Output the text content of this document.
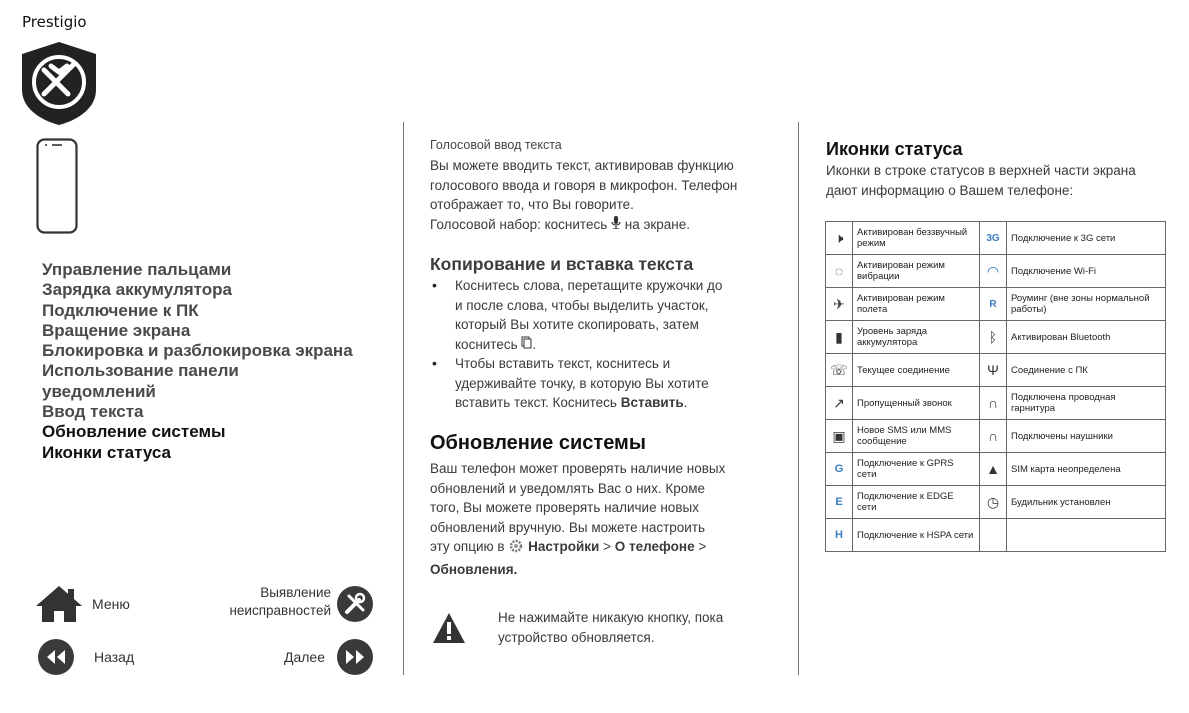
Prestigio
Управление пальцами
Зарядка аккумулятора
Подключение к ПК
Вращение экрана
Блокировка и разблокировка экрана
Использование панели
уведомлений
Ввод текста
Обновление системы
Иконки статуса
Меню
Назад
Выявление
неисправностей
Далее
Голосовой ввод текста
Вы можете вводить текст, активировав функцию
голосового ввода и говоря в микрофон. Телефон
отображает то, что Вы говорите.
Голосовой набор: коснитесь на экране.
Копирование и вставка текста
• Коснитесь слова, перетащите кружочки до
и после слова, чтобы выделить участок,
который Вы хотите скопировать, затем
коснитесь .
• Чтобы вставить текст, коснитесь и
удерживайте точку, в которую Вы хотите
вставить текст. Коснитесь Вставить.
Обновление системы
Ваш телефон может проверять наличие новых
обновлений и уведомлять Вас о них. Кроме
того, Вы можете проверять наличие новых
обновлений вручную. Вы можете настроить
эту опцию в Настройки > О телефоне >
Обновления.
Не нажимайте никакую кнопку, пока
устройство обновляется.
Иконки статуса
Иконки в строке статусов в верхней части экрана
дают информацию о Вашем телефоне:
🕨	Активирован беззвучный режим	3G	Подключение к 3G сети
◌	Активирован режим вибрации	◠	Подключение Wi-Fi
✈	Активирован режим полета	R	Роуминг (вне зоны нормальной работы)
▮	Уровень заряда аккумулятора	ᛒ	Активирован Bluetooth
☏	Текущее соединение	Ψ	Соединение с ПК
↗	Пропущенный звонок	∩	Подключена проводная гарнитура
▣	Новое SMS или MMS сообщение	∩	Подключены наушники
G	Подключение к GPRS сети	▲	SIM карта неопределена
E	Подключение к EDGE сети	◷	Будильник установлен
H	Подключение к HSPA сети		
